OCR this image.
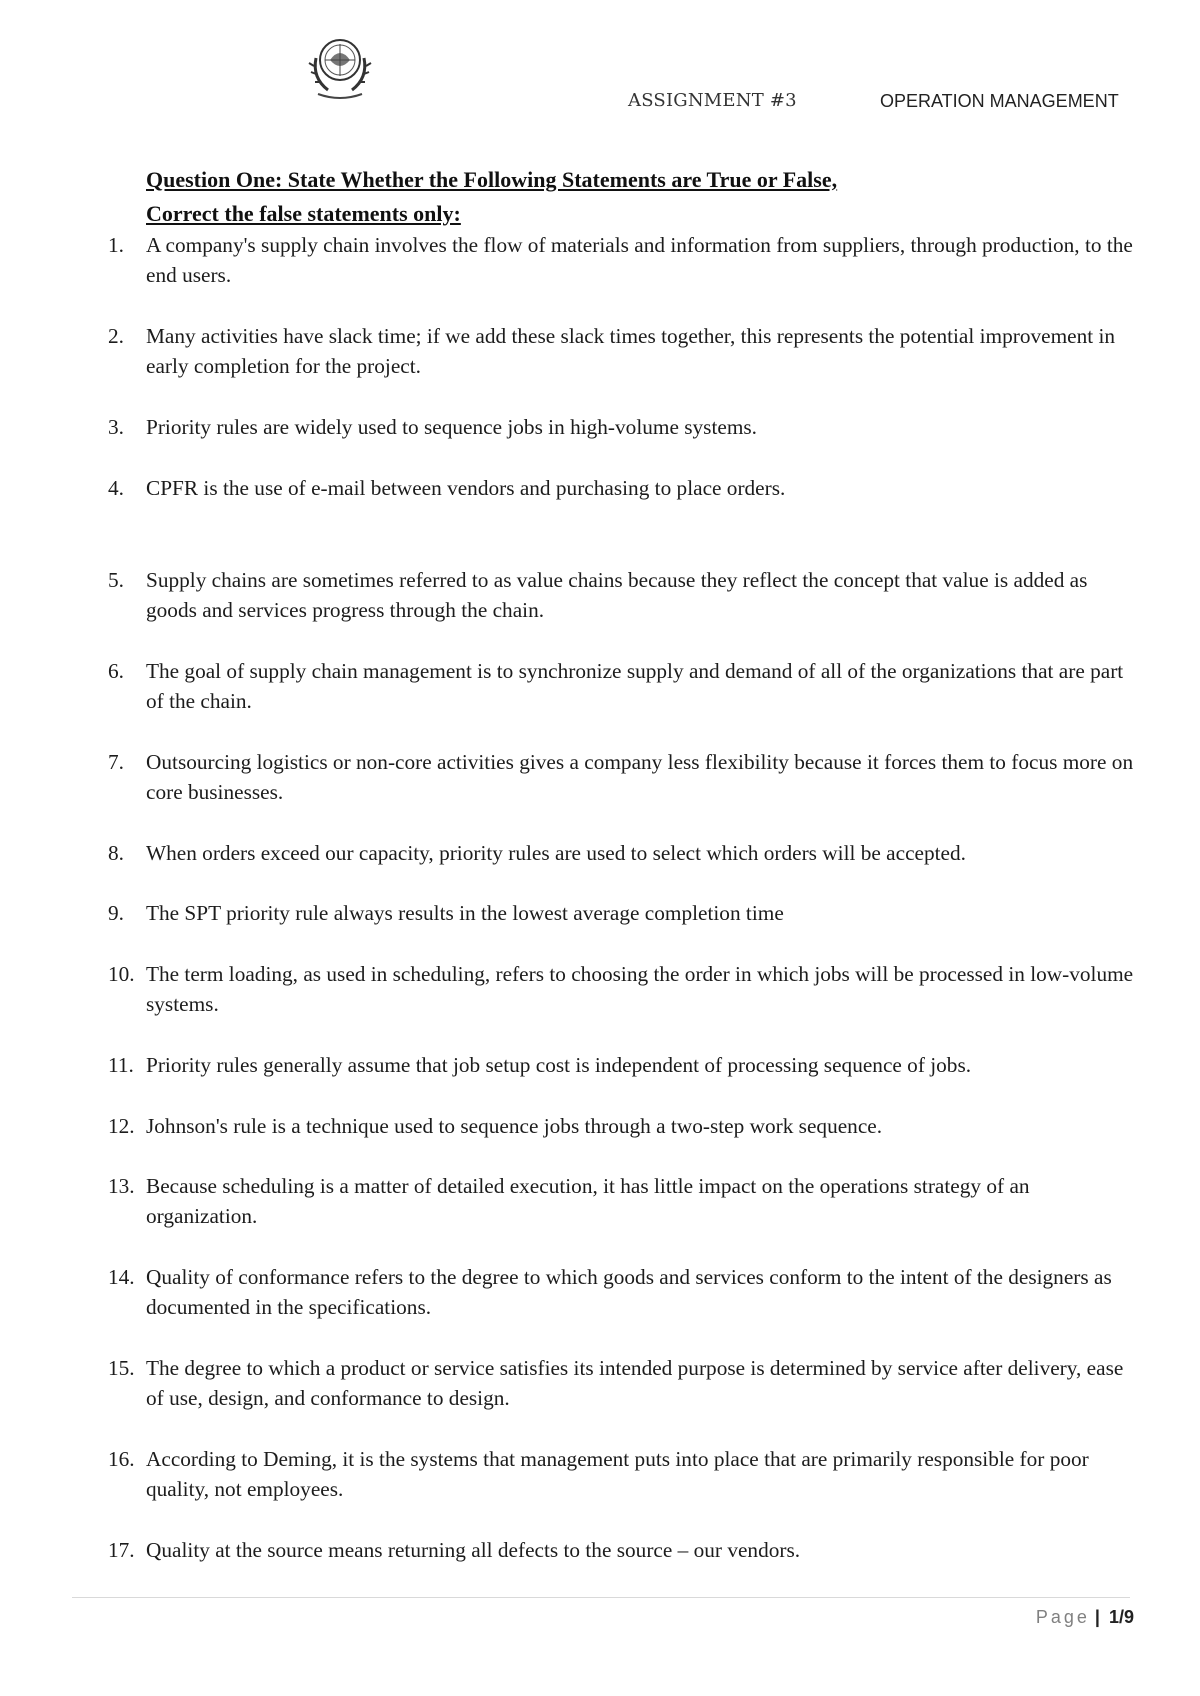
ASSIGNMENT #3	OPERATION MANAGEMENT
Question One: State Whether the Following Statements are True or False,
Correct the false statements only:
1.	A company's supply chain involves the flow of materials and information from suppliers, through production, to the end users.
2.	Many activities have slack time; if we add these slack times together, this represents the potential improvement in early completion for the project.
3.	Priority rules are widely used to sequence jobs in high-volume systems.
4.	CPFR is the use of e-mail between vendors and purchasing to place orders.
5.	Supply chains are sometimes referred to as value chains because they reflect the concept that value is added as goods and services progress through the chain.
6.	The goal of supply chain management is to synchronize supply and demand of all of the organizations that are part of the chain.
7.	Outsourcing logistics or non-core activities gives a company less flexibility because it forces them to focus more on core businesses.
8.	When orders exceed our capacity, priority rules are used to select which orders will be accepted.
9.	The SPT priority rule always results in the lowest average completion time
10. The term loading, as used in scheduling, refers to choosing the order in which jobs will be processed in low-volume systems.
11. Priority rules generally assume that job setup cost is independent of processing sequence of jobs.
12. Johnson's rule is a technique used to sequence jobs through a two-step work sequence.
13. Because scheduling is a matter of detailed execution, it has little impact on the operations strategy of an organization.
14. Quality of conformance refers to the degree to which goods and services conform to the intent of the designers as documented in the specifications.
15. The degree to which a product or service satisfies its intended purpose is determined by service after delivery, ease of use, design, and conformance to design.
16. According to Deming, it is the systems that management puts into place that are primarily responsible for poor quality, not employees.
17. Quality at the source means returning all defects to the source – our vendors.
Page | 1/9
